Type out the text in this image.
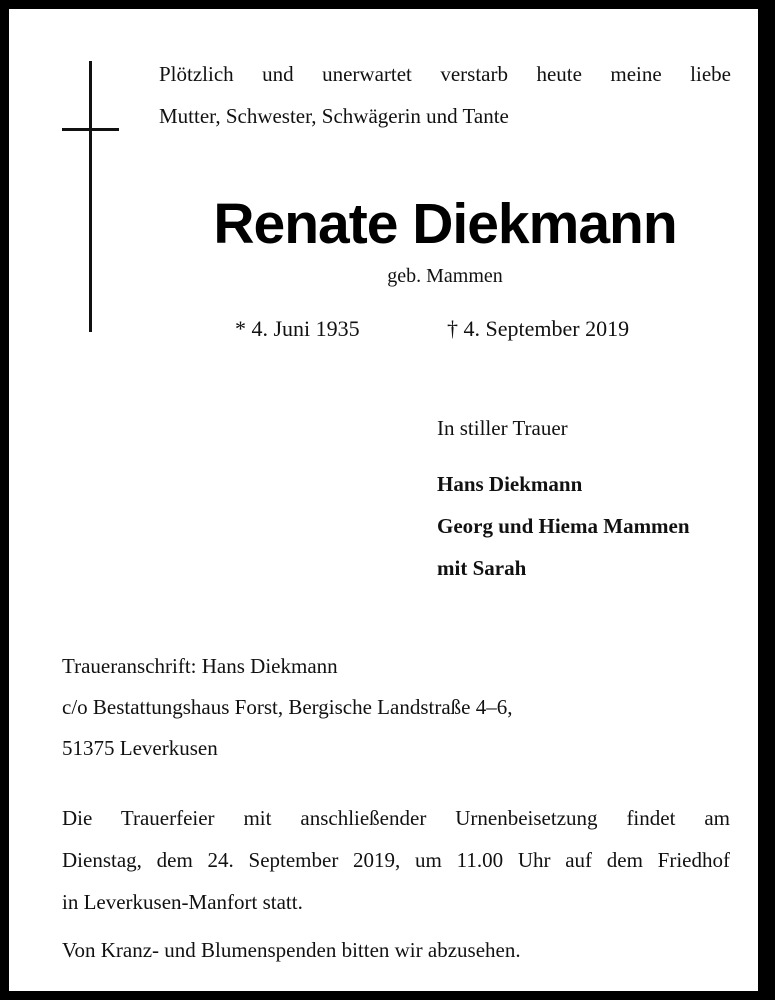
Plötzlich und unerwartet verstarb heute meine liebe
Mutter, Schwester, Schwägerin und Tante
Renate Diekmann
geb. Mammen
* 4. Juni 1935	† 4. September 2019
In stiller Trauer
Hans Diekmann
Georg und Hiema Mammen
mit Sarah
Traueranschrift: Hans Diekmann
c/o Bestattungshaus Forst, Bergische Landstraße 4–6,
51375 Leverkusen
Die Trauerfeier mit anschließender Urnenbeisetzung findet am
Dienstag, dem 24. September 2019, um 11.00 Uhr auf dem Friedhof
in Leverkusen-Manfort statt.
Von Kranz- und Blumenspenden bitten wir abzusehen.
